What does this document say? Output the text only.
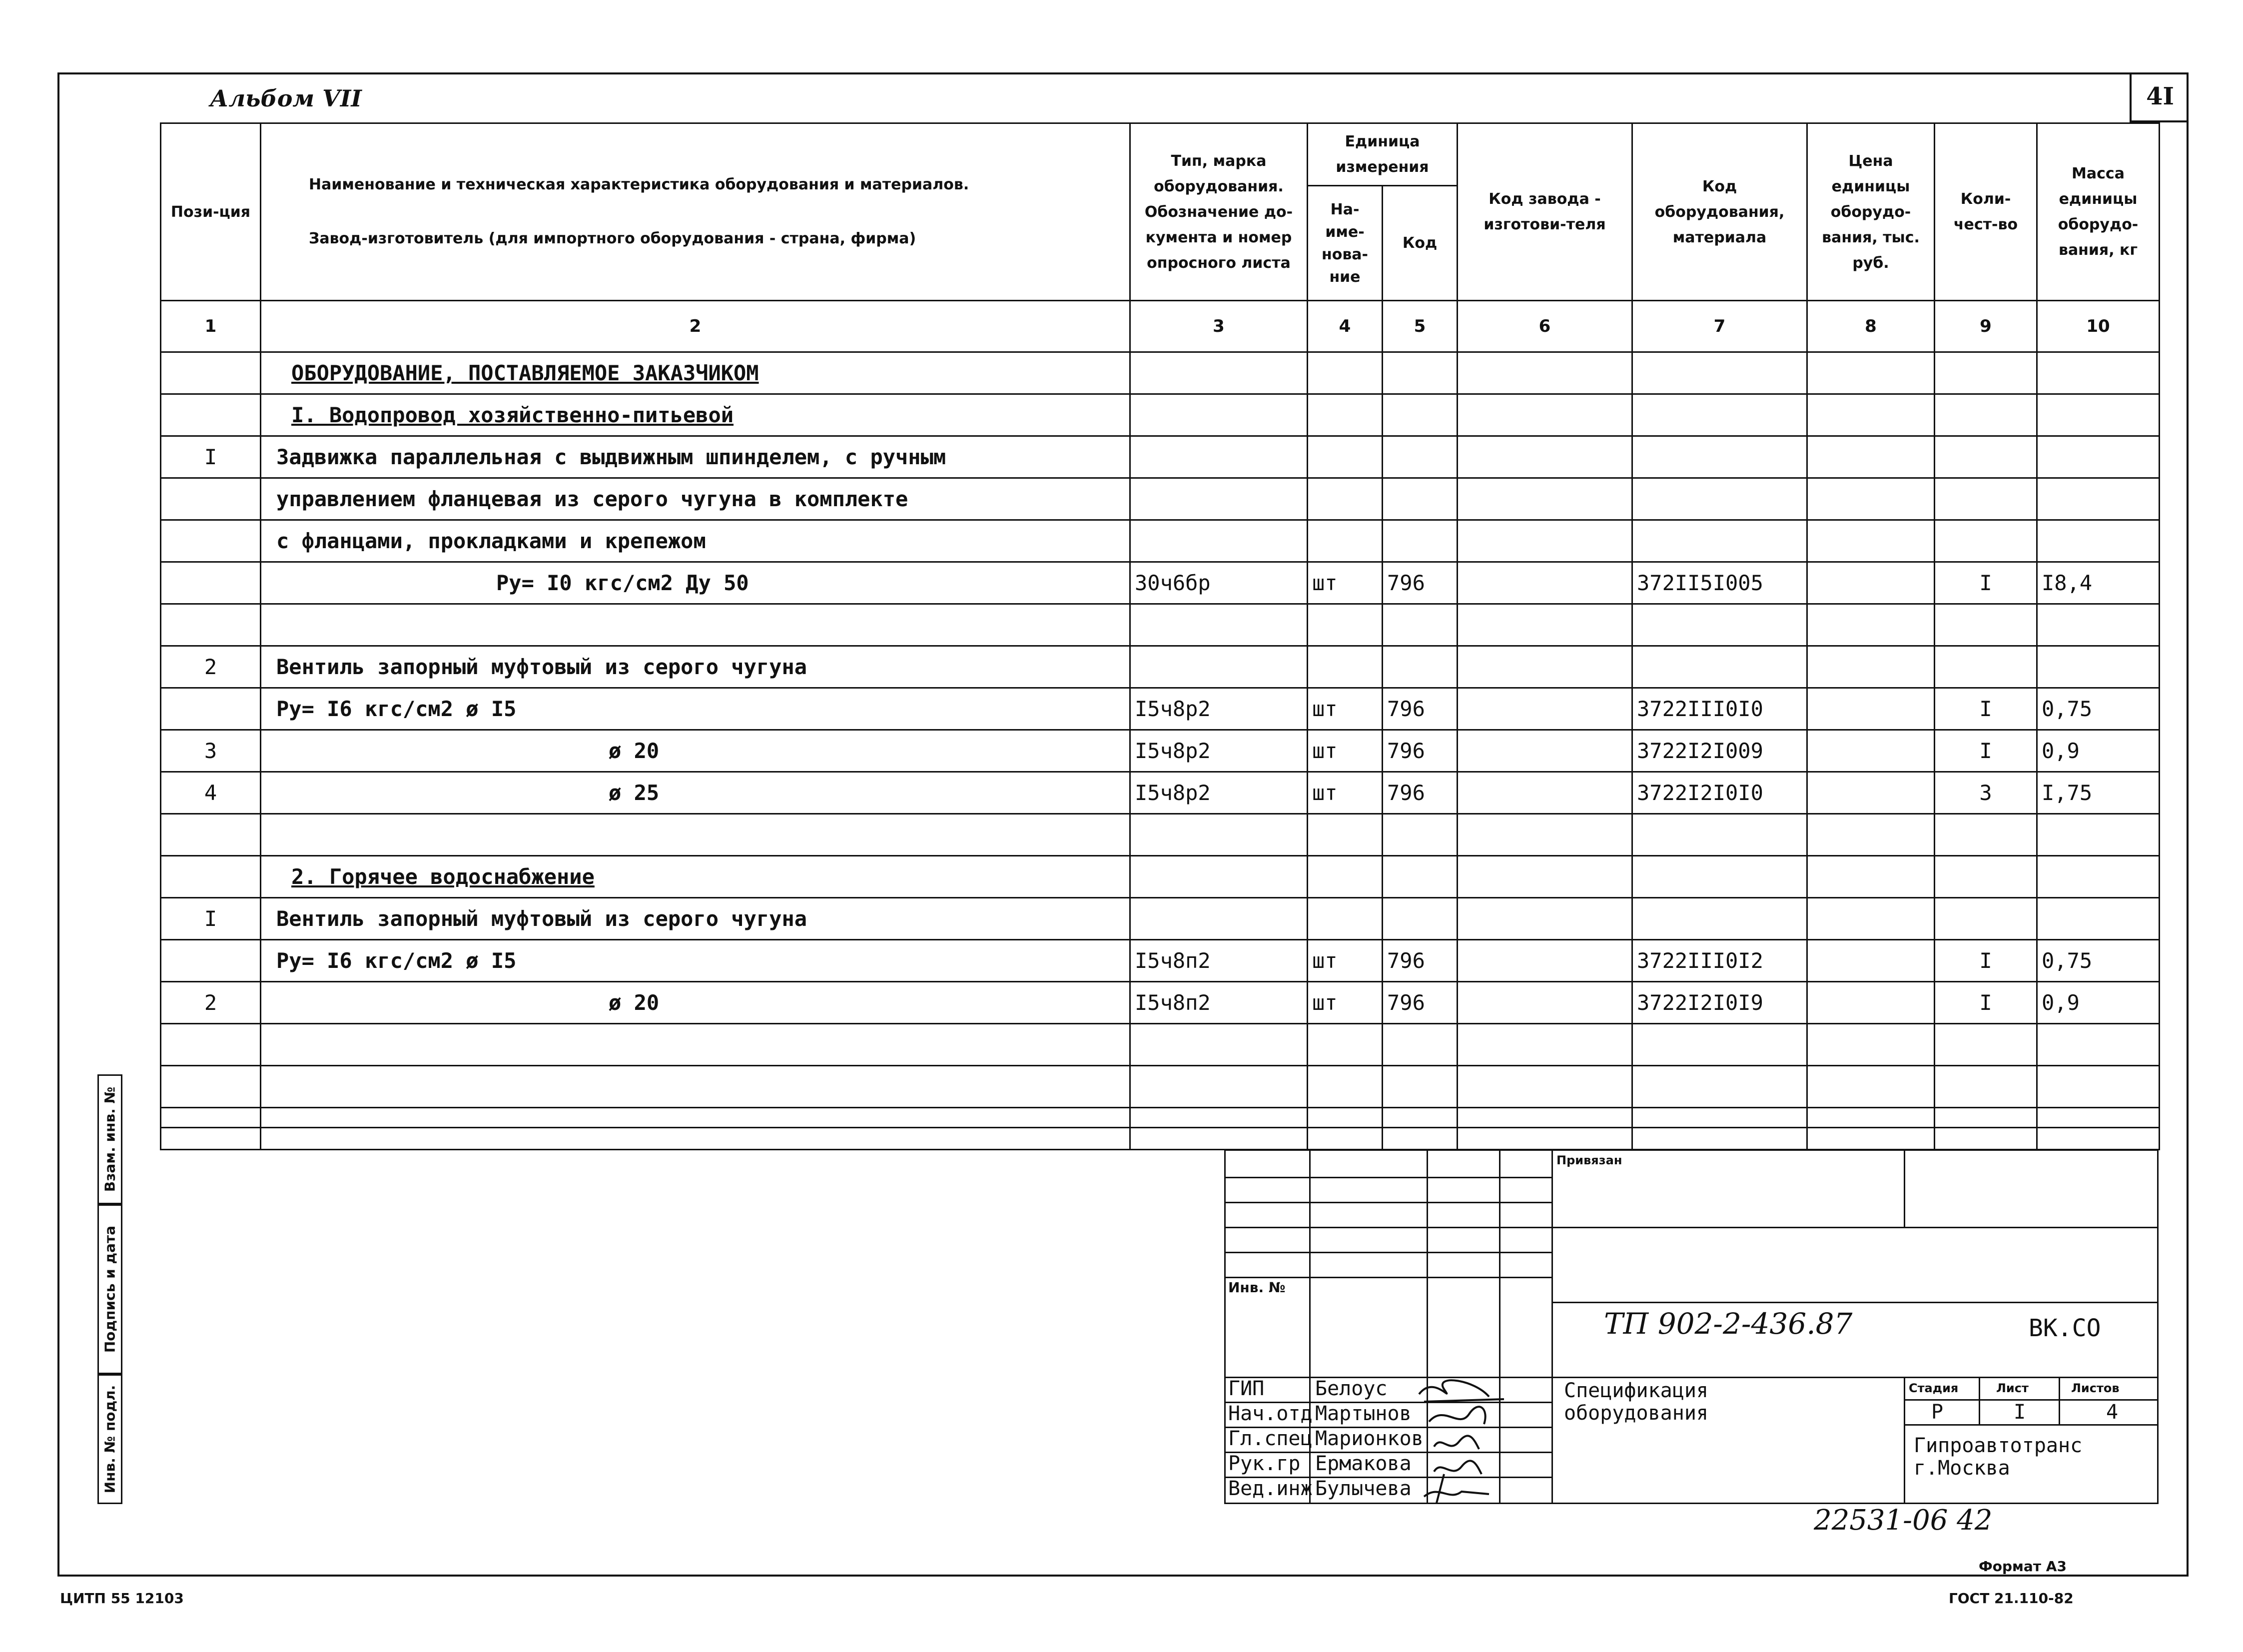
4I
Альбом VII
Пози-ция	Наименование и техническая характеристика оборудования и материалов.
Завод-изготовитель (для импортного оборудования - страна, фирма)	Тип, марка оборудования. Обозначение до-кумента и номер опросного листа	Единица измерения		Код завода - изготови-теля	Код оборудования, материала	Цена единицы оборудо-вания, тыс. руб.	Коли-чест-во	Масса единицы оборудо-вания, кг
			На-име-нова-ние	Код					
1	2	3	4	5	6	7	8	9	10
	ОБОРУДОВАНИЕ, ПОСТАВЛЯЕМОЕ ЗАКАЗЧИКОМ								
	I. Водопровод хозяйственно-питьевой								
I	Задвижка параллельная с выдвижным шпинделем, с ручным								
	управлением фланцевая из серого чугуна в комплекте								
	с фланцами, прокладками и крепежом								
	Ру= I0 кгс/см2 Ду 50	30ч6бр	шт	796		372II5I005		I	I8,4

2	Вентиль запорный муфтовый из серого чугуна								
	Ру= I6 кгс/см2 ø I5	I5ч8р2	шт	796		3722III0I0		I	0,75
3	ø 20	I5ч8р2	шт	796		3722I2I009		I	0,9
4	ø 25	I5ч8р2	шт	796		3722I2I0I0		3	I,75

	2. Горячее водоснабжение								
I	Вентиль запорный муфтовый из серого чугуна								
	Ру= I6 кгс/см2 ø I5	I5ч8п2	шт	796		3722III0I2		I	0,75
2	ø 20	I5ч8п2	шт	796		3722I2I0I9		I	0,9

Взам. инв. №
Подпись и дата
Инв. № подл.
Инв. №
Привязан
ТП 902-2-436.87	ВК.СО
Спецификация
оборудования
Стадия	Лист	Листов
Р	I	4
Гипроавтотранс
г.Москва
ГИП	Белоус
Нач.отд Мартынов
Гл.спец Марионков
Рук.гр Ермакова
Вед.инж Булычева
22531-06 42
Формат А3
ГОСТ 21.110-82
ЦИТП 55 12103
